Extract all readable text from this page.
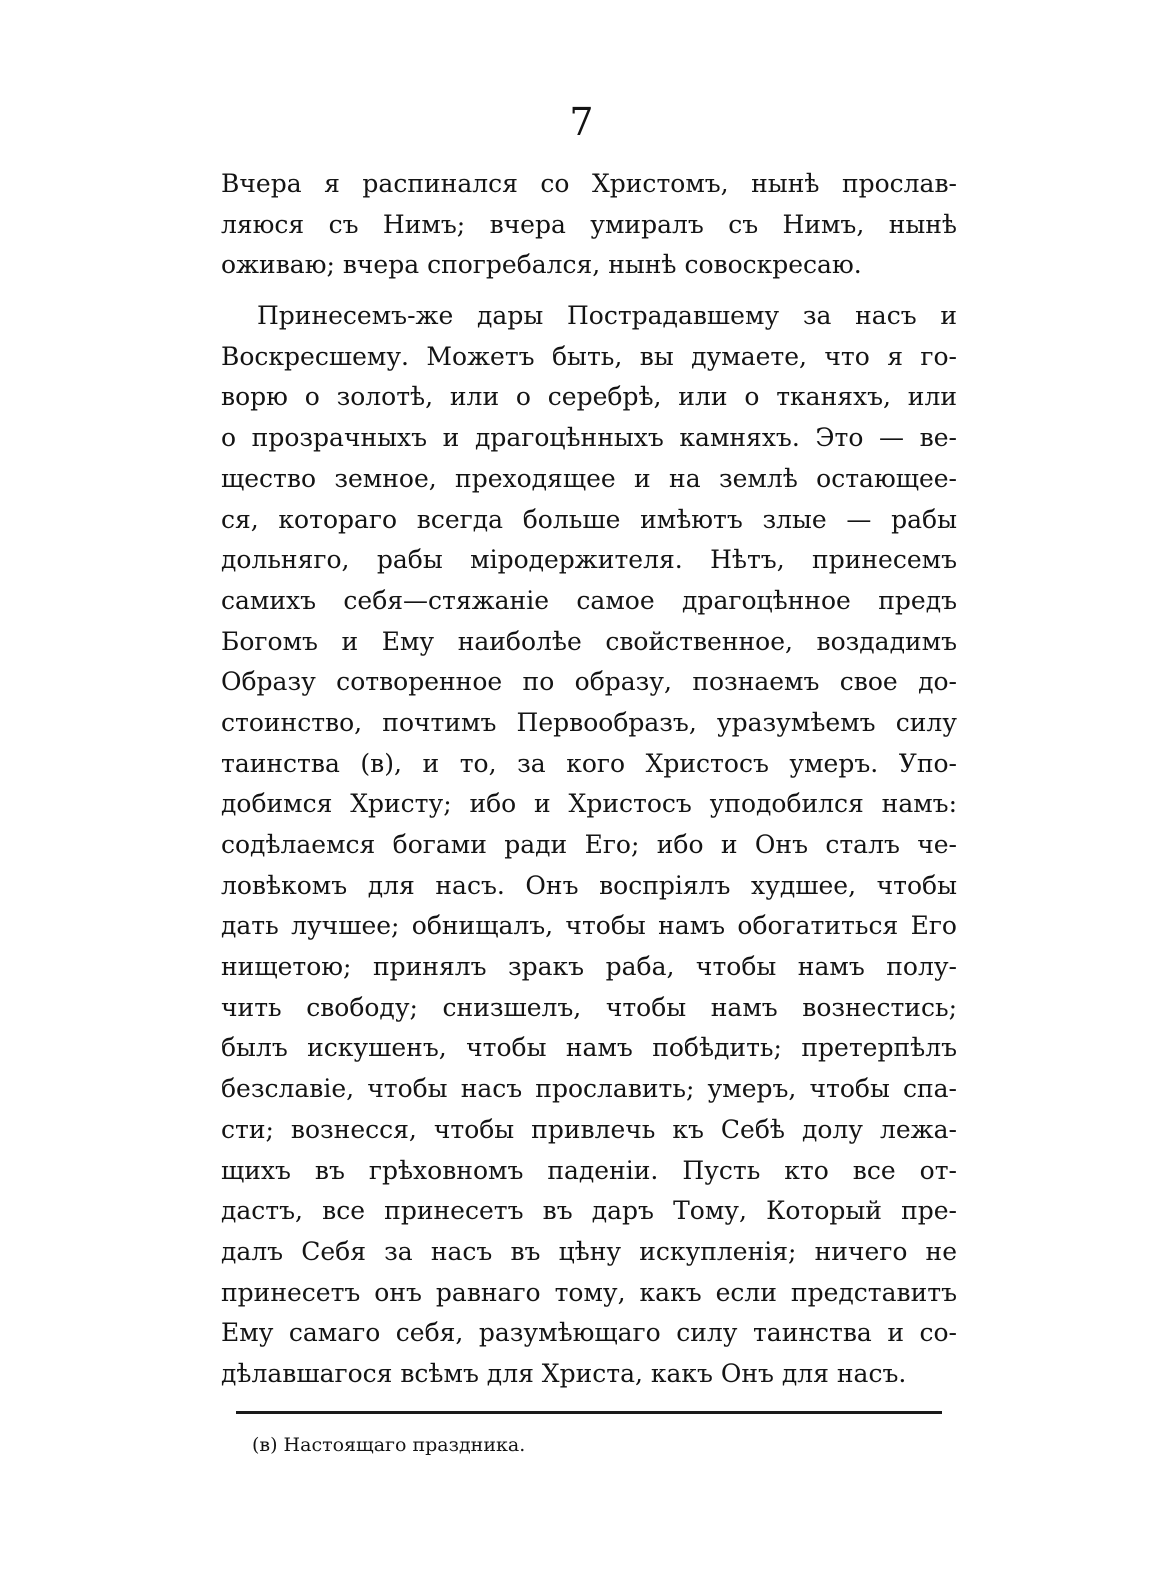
7
Вчера я распинался со Христомъ, нынѣ прослав-
ляюся съ Нимъ; вчера умиралъ съ Нимъ, нынѣ
оживаю; вчера спогребался, нынѣ совоскресаю.
Принесемъ-же дары Пострадавшему за насъ и
Воскресшему. Можетъ быть, вы думаете, что я го-
ворю о золотѣ, или о серебрѣ, или о тканяхъ, или
о прозрачныхъ и драгоцѣнныхъ камняхъ. Это — ве-
щество земное, преходящее и на землѣ остающее-
ся, котораго всегда больше имѣютъ злые — рабы
дольняго, рабы міродержителя. Нѣтъ, принесемъ
самихъ себя—стяжаніе самое драгоцѣнное предъ
Богомъ и Ему наиболѣе свойственное, воздадимъ
Образу сотворенное по образу, познаемъ свое до-
стоинство, почтимъ Первообразъ, уразумѣемъ силу
таинства (в), и то, за кого Христосъ умеръ. Упо-
добимся Христу; ибо и Христосъ уподобился намъ:
содѣлаемся богами ради Его; ибо и Онъ сталъ че-
ловѣкомъ для насъ. Онъ воспріялъ худшее, чтобы
дать лучшее; обнищалъ, чтобы намъ обогатиться Его
нищетою; принялъ зракъ раба, чтобы намъ полу-
чить свободу; снизшелъ, чтобы намъ вознестись;
былъ искушенъ, чтобы намъ побѣдить; претерпѣлъ
безславіе, чтобы насъ прославить; умеръ, чтобы спа-
сти; вознесся, чтобы привлечь къ Себѣ долу лежа-
щихъ въ грѣховномъ паденіи. Пусть кто все от-
дастъ, все принесетъ въ даръ Тому, Который пре-
далъ Себя за насъ въ цѣну искупленія; ничего не
принесетъ онъ равнаго тому, какъ если представитъ
Ему самаго себя, разумѣющаго силу таинства и со-
дѣлавшагося всѣмъ для Христа, какъ Онъ для насъ.
(в) Настоящаго праздника.
